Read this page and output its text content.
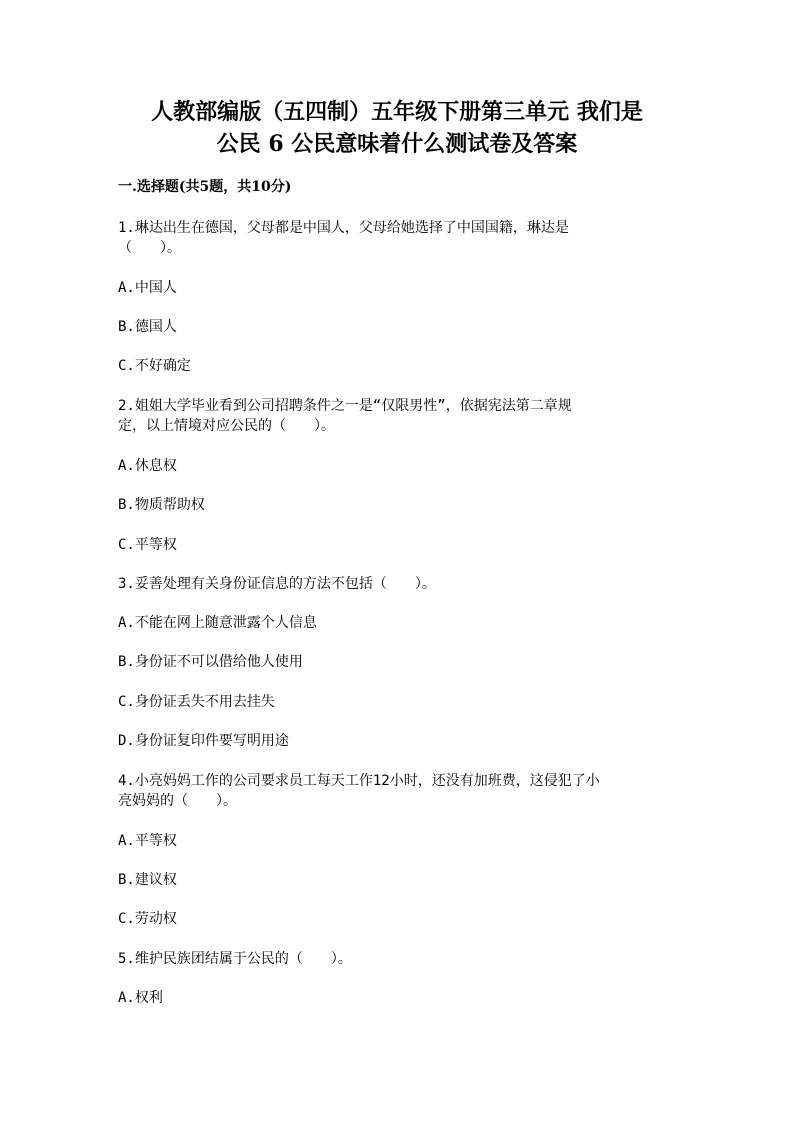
人教部编版（五四制）五年级下册第三单元 我们是
公民 6 公民意味着什么测试卷及答案
一.选择题(共5题，共10分)

1.琳达出生在德国，父母都是中国人，父母给她选择了中国国籍，琳达是

（　　）。

A.中国人

B.德国人

C.不好确定

2.姐姐大学毕业看到公司招聘条件之一是“仅限男性”，依据宪法第二章规

定，以上情境对应公民的（　　）。

A.休息权

B.物质帮助权

C.平等权

3.妥善处理有关身份证信息的方法不包括（　　）。

A.不能在网上随意泄露个人信息

B.身份证不可以借给他人使用

C.身份证丢失不用去挂失

D.身份证复印件要写明用途

4.小亮妈妈工作的公司要求员工每天工作12小时，还没有加班费，这侵犯了小

亮妈妈的（　　）。

A.平等权

B.建议权

C.劳动权

5.维护民族团结属于公民的（　　）。

A.权利
